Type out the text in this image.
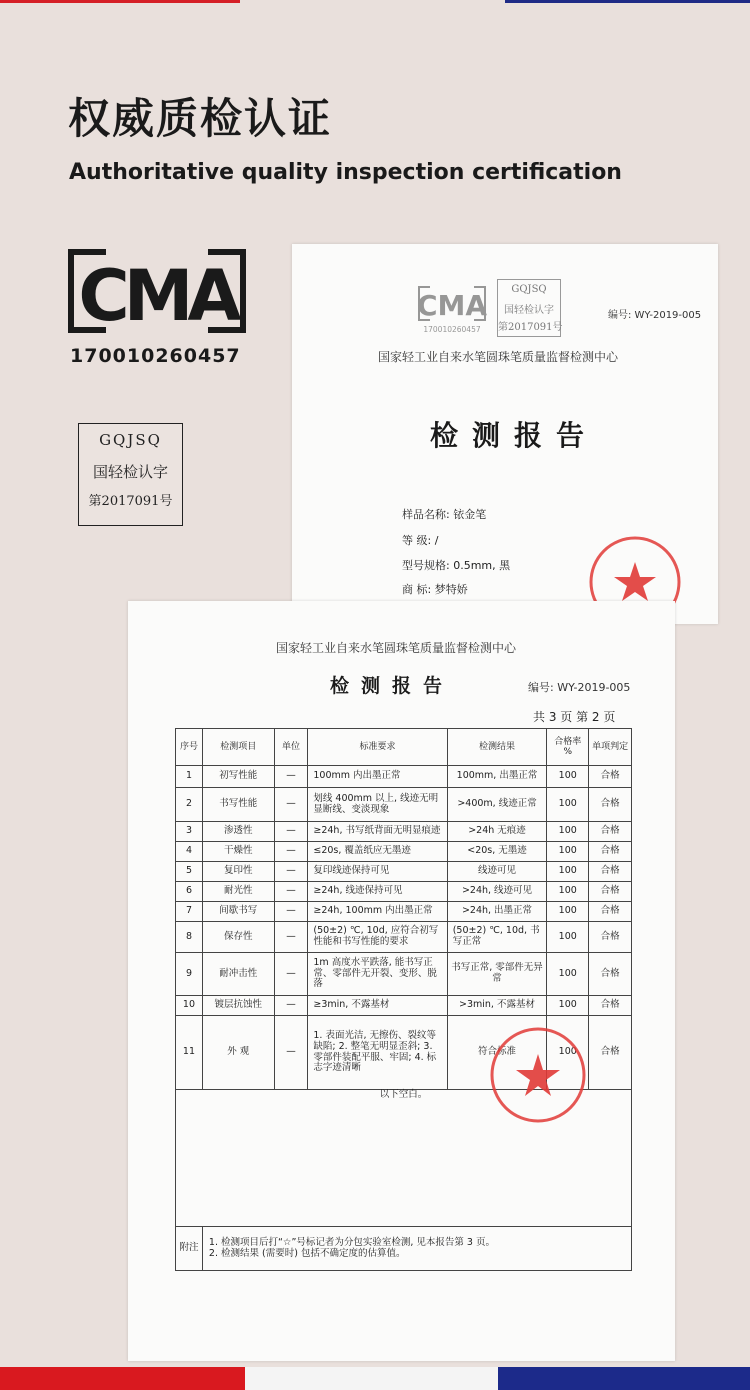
权威质检认证
Authoritative quality inspection certification
CMA
170010260457
GQJSQ
国轻检认字
第2017091号
CMA
170010260457
GQJSQ
国轻检认字
第2017091号
编号: WY-2019-005
国家轻工业自来水笔圆珠笔质量监督检测中心
检测报告
样品名称: 铱金笔
等 级: /
型号规格: 0.5mm, 黑
商 标: 梦特娇
国家轻工业自来水笔圆珠笔质量监督检测中心
检测报告	编号: WY-2019-005
共 3 页 第 2 页
序号	检测项目	单位	标准要求	检测结果	合格率 %	单项判定
1	初写性能	—	100mm 内出墨正常	100mm, 出墨正常	100	合格
2	书写性能	—	划线 400mm 以上, 线迹无明显断线、变淡现象	>400m, 线迹正常	100	合格
3	渗透性	—	≥24h, 书写纸背面无明显痕迹	>24h 无痕迹	100	合格
4	干燥性	—	≤20s, 覆盖纸应无墨迹	<20s, 无墨迹	100	合格
5	复印性	—	复印线迹保持可见	线迹可见	100	合格
6	耐光性	—	≥24h, 线迹保持可见	>24h, 线迹可见	100	合格
7	间歇书写	—	≥24h, 100mm 内出墨正常	>24h, 出墨正常	100	合格
8	保存性	—	(50±2) ℃, 10d, 应符合初写性能和书写性能的要求	(50±2) ℃, 10d, 书写正常	100	合格
9	耐冲击性	—	1m 高度水平跌落, 能书写正常、零部件无开裂、变形、脱落	书写正常, 零部件无异常	100	合格
10	镀层抗蚀性	—	≥3min, 不露基材	>3min, 不露基材	100	合格
11	外 观	—	1. 表面光洁, 无擦伤、裂纹等缺陷; 2. 整笔无明显歪斜; 3. 零部件装配平服、牢固; 4. 标志字迹清晰	符合标准	100	合格
以下空白。						
附注	1. 检测项目后打“☆”号标记者为分包实验室检测, 见本报告第 3 页。
2. 检测结果 (需要时) 包括不确定度的估算值。					
